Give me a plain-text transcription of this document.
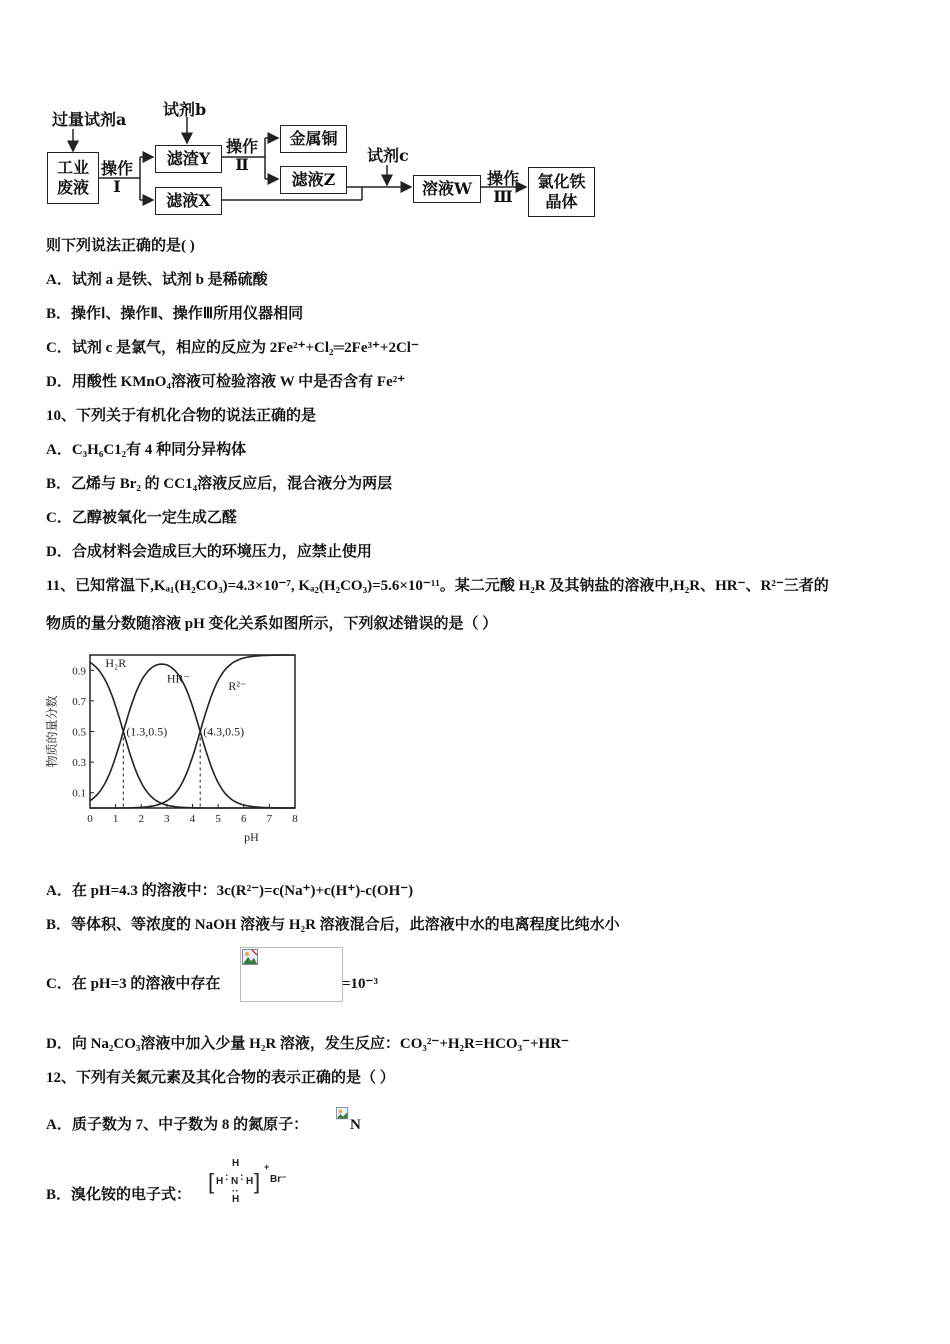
过量试剂a
试剂b
试剂c
工业
废液
操作
Ⅰ
滤渣Y
滤液X
操作
Ⅱ
金属铜
滤液Z	溶液W
操作
Ⅲ
氯化铁
晶体
则下列说法正确的是( )
A．试剂 a 是铁、试剂 b 是稀硫酸
B．操作Ⅰ、操作Ⅱ、操作Ⅲ所用仪器相同
C．试剂 c 是氯气，相应的反应为 2Fe²⁺+Cl₂═2Fe³⁺+2Cl⁻
D．用酸性 KMnO₄溶液可检验溶液 W 中是否含有 Fe²⁺
10、下列关于有机化合物的说法正确的是
A．C₃H₆C1₂有 4 种同分异构体
B．乙烯与 Br₂ 的 CC1₄溶液反应后，混合液分为两层
C．乙醇被氧化一定生成乙醛
D．合成材料会造成巨大的环境压力，应禁止使用
11、已知常温下,Kₐ₁(H₂CO₃)=4.3×10⁻⁷, Kₐ₂(H₂CO₃)=5.6×10⁻¹¹。某二元酸 H₂R 及其钠盐的溶液中,H₂R、HR⁻、R²⁻三者的
物质的量分数随溶液 pH 变化关系如图所示，下列叙述错误的是（ ）
0 1 2 3 4 5 6 7 8
0.1
0.3
0.5
0.7
0.9
pH
物质的量分数
H₂R
HR⁻
R²⁻
(1.3,0.5)	(4.3,0.5)
A．在 pH=4.3 的溶液中：3c(R²⁻)=c(Na⁺)+c(H⁺)-c(OH⁻)
B．等体积、等浓度的 NaOH 溶液与 H₂R 溶液混合后，此溶液中水的电离程度比纯水小
C．在 pH=3 的溶液中存在	=10⁻³
D．向 Na₂CO₃溶液中加入少量 H₂R 溶液，发生反应：CO₃²⁻+H₂R=HCO₃⁻+HR⁻
12、下列有关氮元素及其化合物的表示正确的是（ ）
A．质子数为 7、中子数为 8 的氮原子：	N
B．溴化铵的电子式：
H
[ H : N : H ]
+
Br⁻
··
H
